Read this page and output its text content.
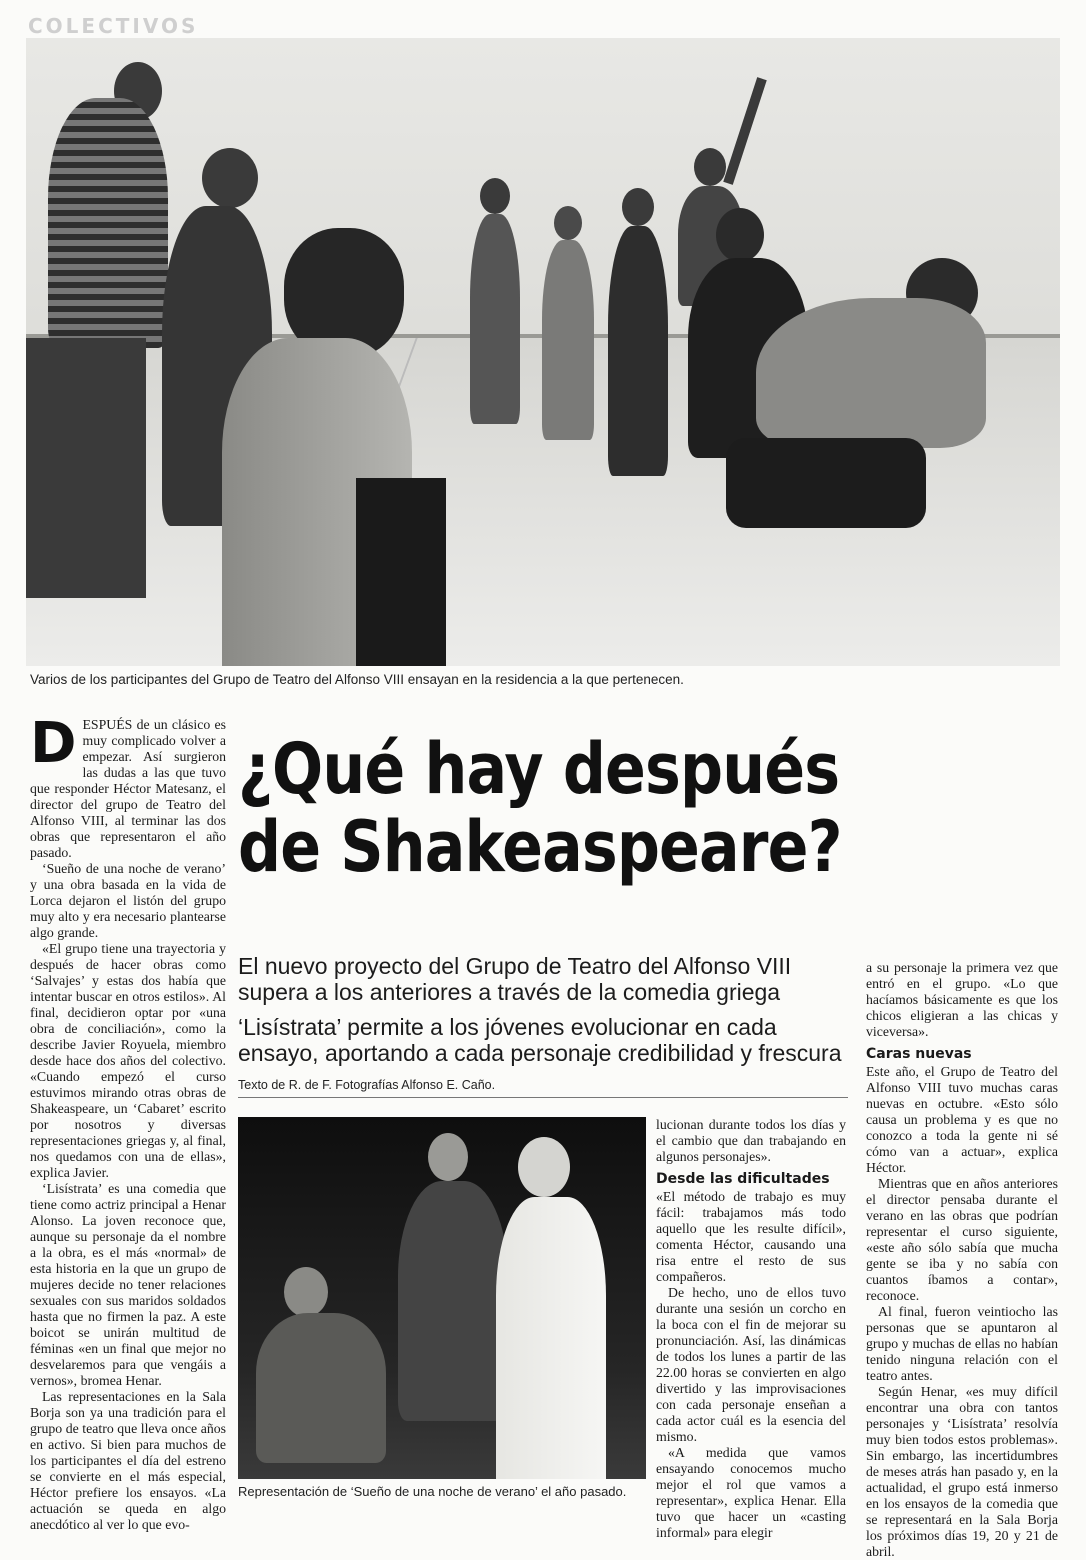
COLECTIVOS
Varios de los participantes del Grupo de Teatro del Alfonso VIII ensayan en la residencia a la que pertenecen.
¿Qué hay después
de Shakeaspeare?
El nuevo proyecto del Grupo de Teatro del Alfonso VIII
supera a los anteriores a través de la comedia griega
‘Lisístrata’ permite a los jóvenes evolucionar en cada
ensayo, aportando a cada personaje credibilidad y frescura
Texto de R. de F. Fotografías Alfonso E. Caño.

DESPUÉS de un clásico es muy complicado volver a empezar. Así surgieron las dudas a las que tuvo que responder Héctor Matesanz, el director del grupo de Teatro del Alfonso VIII, al terminar las dos obras que representaron el año pasado.

‘Sueño de una noche de verano’ y una obra basada en la vida de Lorca dejaron el listón del grupo muy alto y era necesario plantearse algo grande.

«El grupo tiene una trayectoria y después de hacer obras como ‘Salvajes’ y estas dos había que intentar buscar en otros estilos». Al final, decidieron optar por «una obra de conciliación», como la describe Javier Royuela, miembro desde hace dos años del colectivo. «Cuando empezó el curso estuvimos mirando otras obras de Shakeaspeare, un ‘Cabaret’ escrito por nosotros y diversas representaciones griegas y, al final, nos quedamos con una de ellas», explica Javier.

‘Lisístrata’ es una comedia que tiene como actriz principal a Henar Alonso. La joven reconoce que, aunque su personaje da el nombre a la obra, es el más «normal» de esta historia en la que un grupo de mujeres decide no tener relaciones sexuales con sus maridos soldados hasta que no firmen la paz. A este boicot se unirán multitud de féminas «en un final que mejor no desvelaremos para que vengáis a vernos», bromea Henar.

Las representaciones en la Sala Borja son ya una tradición para el grupo de teatro que lleva once años en activo. Si bien para muchos de los participantes el día del estreno se convierte en el más especial, Héctor prefiere los ensayos. «La actuación se queda en algo anecdótico al ver lo que evo-

Representación de ‘Sueño de una noche de verano’ el año pasado.

lucionan durante todos los días y el cambio que dan trabajando en algunos personajes».

Desde las dificultades

«El método de trabajo es muy fácil: trabajamos más todo aquello que les resulte difícil», comenta Héctor, causando una risa entre el resto de sus compañeros.

De hecho, uno de ellos tuvo durante una sesión un corcho en la boca con el fin de mejorar su pronunciación. Así, las dinámicas de todos los lunes a partir de las 22.00 horas se convierten en algo divertido y las improvisaciones con cada personaje enseñan a cada actor cuál es la esencia del mismo.

«A medida que vamos ensayando conocemos mucho mejor el rol que vamos a representar», explica Henar. Ella tuvo que hacer un «casting informal» para elegir

a su personaje la primera vez que entró en el grupo. «Lo que hacíamos básicamente es que los chicos eligieran a las chicas y viceversa».

Caras nuevas

Este año, el Grupo de Teatro del Alfonso VIII tuvo muchas caras nuevas en octubre. «Esto sólo causa un problema y es que no conozco a toda la gente ni sé cómo van a actuar», explica Héctor.

Mientras que en años anteriores el director pensaba durante el verano en las obras que podrían representar el curso siguiente, «este año sólo sabía que mucha gente se iba y no sabía con cuantos íbamos a contar», reconoce.

Al final, fueron veintiocho las personas que se apuntaron al grupo y muchas de ellas no habían tenido ninguna relación con el teatro antes.

Según Henar, «es muy difícil encontrar una obra con tantos personajes y ‘Lisístrata’ resolvía muy bien todos estos problemas». Sin embargo, las incertidumbres de meses atrás han pasado y, en la actualidad, el grupo está inmerso en los ensayos de la comedia que se representará en la Sala Borja los próximos días 19, 20 y 21 de abril.
